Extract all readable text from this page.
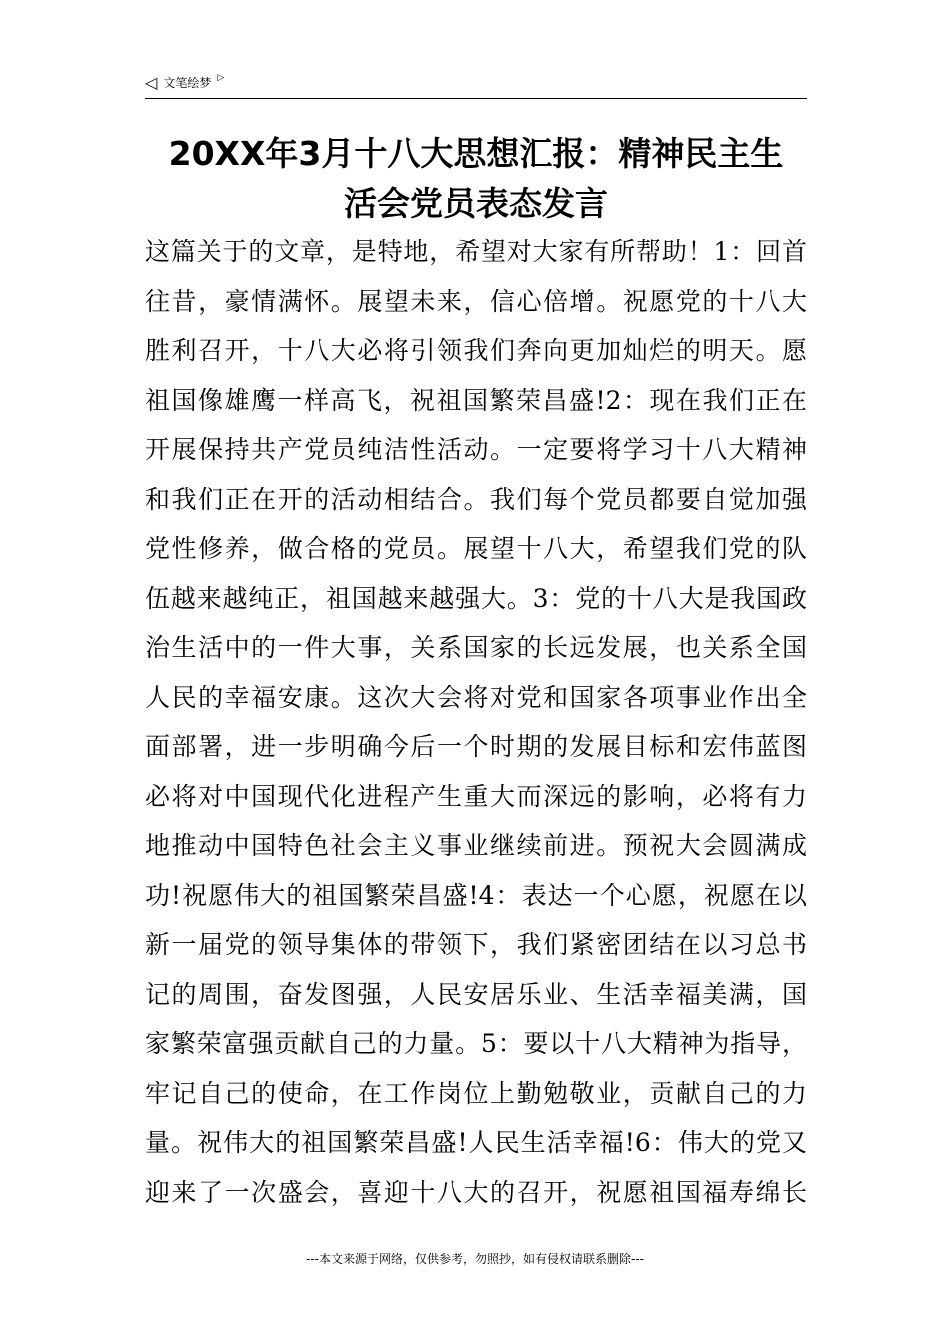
◁ 文笔绘梦 ▷
20XX年3月十八大思想汇报：精神民主生
活会党员表态发言
这篇关于的文章，是特地，希望对大家有所帮助！1：回首
往昔，豪情满怀。展望未来，信心倍增。祝愿党的十八大
胜利召开，十八大必将引领我们奔向更加灿烂的明天。愿
祖国像雄鹰一样高飞，祝祖国繁荣昌盛!2：现在我们正在
开展保持共产党员纯洁性活动。一定要将学习十八大精神
和我们正在开的活动相结合。我们每个党员都要自觉加强
党性修养，做合格的党员。展望十八大，希望我们党的队
伍越来越纯正，祖国越来越强大。3：党的十八大是我国政
治生活中的一件大事，关系国家的长远发展，也关系全国
人民的幸福安康。这次大会将对党和国家各项事业作出全
面部署，进一步明确今后一个时期的发展目标和宏伟蓝图
必将对中国现代化进程产生重大而深远的影响，必将有力
地推动中国特色社会主义事业继续前进。预祝大会圆满成
功!祝愿伟大的祖国繁荣昌盛!4：表达一个心愿，祝愿在以
新一届党的领导集体的带领下，我们紧密团结在以习总书
记的周围，奋发图强，人民安居乐业、生活幸福美满，国
家繁荣富强贡献自己的力量。5：要以十八大精神为指导，
牢记自己的使命，在工作岗位上勤勉敬业，贡献自己的力
量。祝伟大的祖国繁荣昌盛!人民生活幸福!6：伟大的党又
迎来了一次盛会，喜迎十八大的召开，祝愿祖国福寿绵长
---本文来源于网络，仅供参考，勿照抄，如有侵权请联系删除---
